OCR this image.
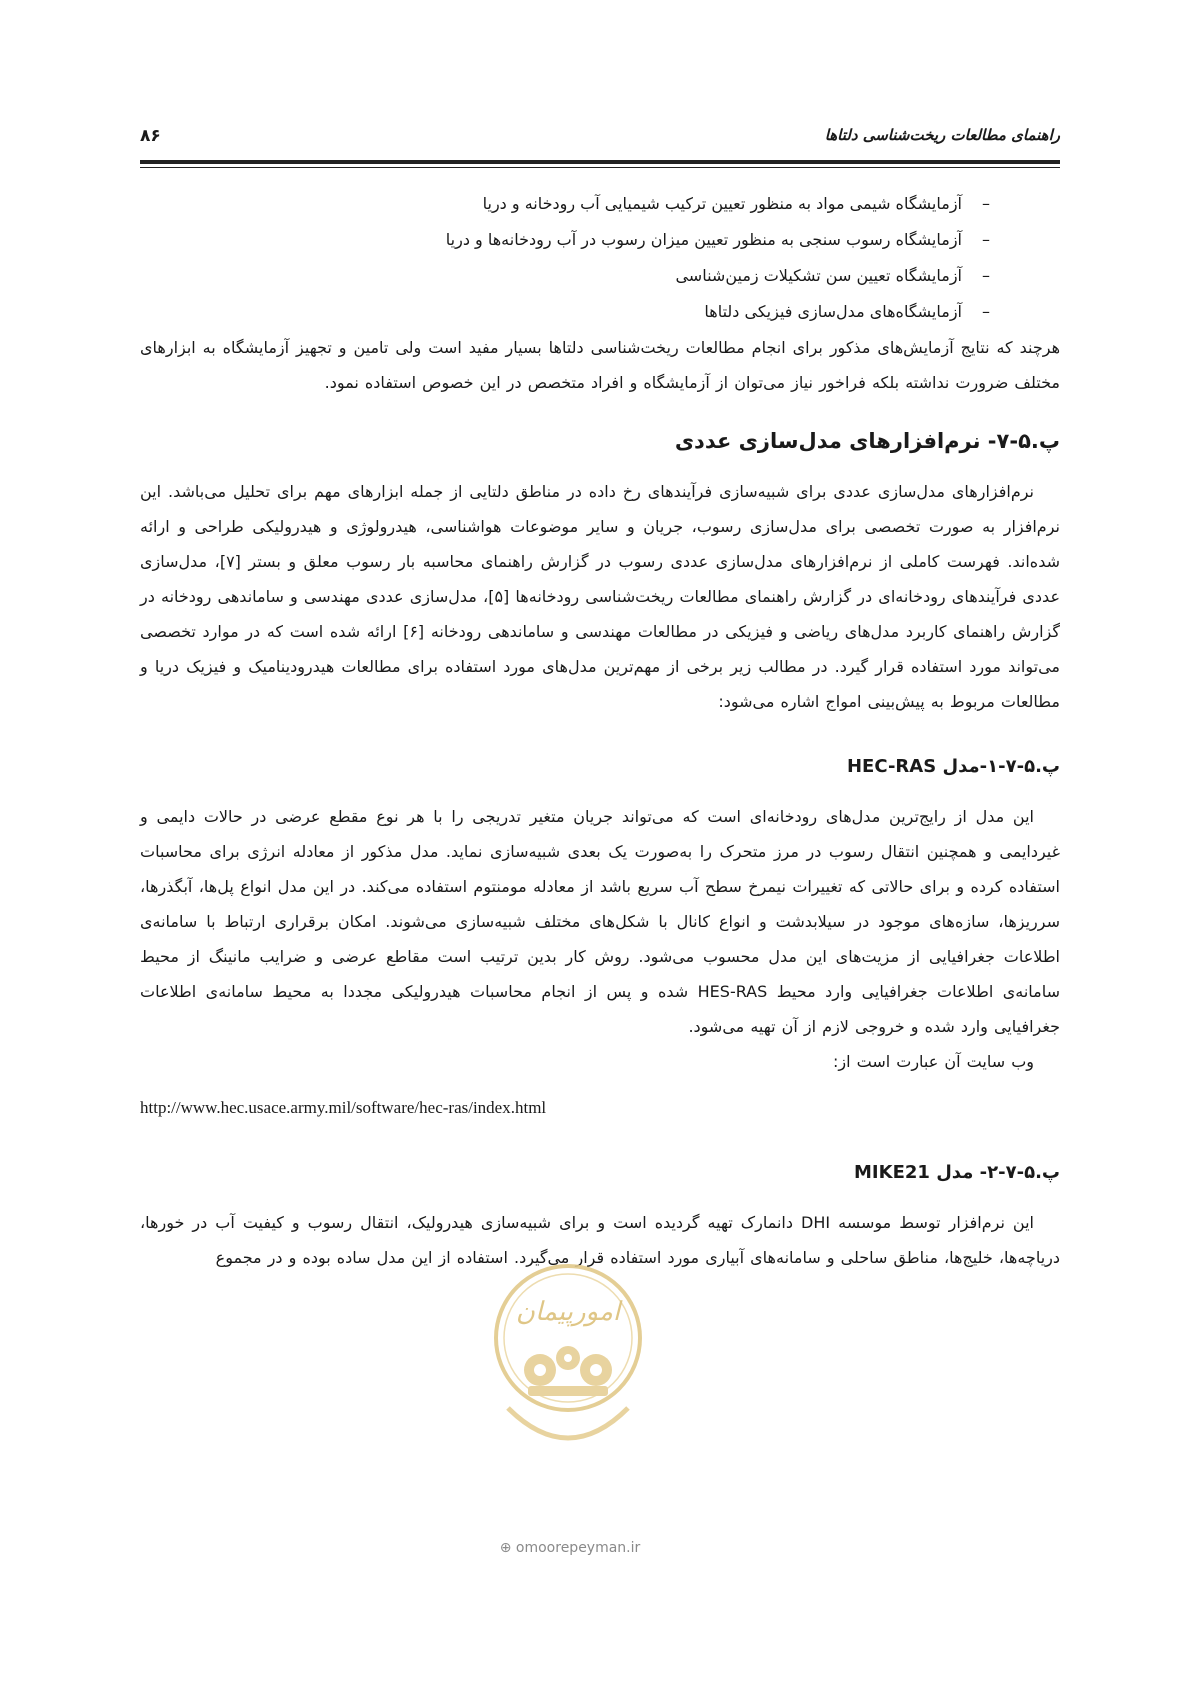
راهنمای مطالعات ریخت‌شناسی دلتاها
۸۶
–آزمایشگاه شیمی مواد به منظور تعیین ترکیب شیمیایی آب رودخانه و دریا
–آزمایشگاه رسوب سنجی به منظور تعیین میزان رسوب در آب رودخانه‌ها و دریا
–آزمایشگاه تعیین سن تشکیلات زمین‌شناسی
–آزمایشگاه‌های مدل‌سازی فیزیکی دلتاها

هرچند که نتایج آزمایش‌های مذکور برای انجام مطالعات ریخت‌شناسی دلتاها بسیار مفید است ولی تامین و تجهیز آزمایشگاه به ابزارهای مختلف ضرورت نداشته بلکه فراخور نیاز می‌توان از آزمایشگاه و افراد متخصص در این خصوص استفاده نمود.

پ.۵-۷- نرم‌افزارهای مدل‌سازی عددی

نرم‌افزارهای مدل‌سازی عددی برای شبیه‌سازی فرآیندهای رخ داده در مناطق دلتایی از جمله ابزارهای مهم برای تحلیل می‌باشد. این نرم‌افزار به صورت تخصصی برای مدل‌سازی رسوب، جریان و سایر موضوعات هواشناسی، هیدرولوژی و هیدرولیکی طراحی و ارائه شده‌اند. فهرست کاملی از نرم‌افزارهای مدل‌سازی عددی رسوب در گزارش راهنمای محاسبه بار رسوب معلق و بستر [۷]، مدل‌سازی عددی فرآیندهای رودخانه‌ای در گزارش راهنمای مطالعات ریخت‌شناسی رودخانه‌ها [۵]، مدل‌سازی عددی مهندسی و ساماندهی رودخانه در گزارش راهنمای کاربرد مدل‌های ریاضی و فیزیکی در مطالعات مهندسی و ساماندهی رودخانه [۶] ارائه شده است که در موارد تخصصی می‌تواند مورد استفاده قرار گیرد. در مطالب زیر برخی از مهم‌ترین مدل‌های مورد استفاده برای مطالعات هیدرودینامیک و فیزیک دریا و مطالعات مربوط به پیش‌بینی امواج اشاره می‌شود:

پ.۵-۷-۱-مدل HEC-RAS

این مدل از رایج‌ترین مدل‌های رودخانه‌ای است که می‌تواند جریان متغیر تدریجی را با هر نوع مقطع عرضی در حالات دایمی و غیردایمی و همچنین انتقال رسوب در مرز متحرک را به‌صورت یک بعدی شبیه‌سازی نماید. مدل مذکور از معادله انرژی برای محاسبات استفاده کرده و برای حالاتی که تغییرات نیمرخ سطح آب سریع باشد از معادله مومنتوم استفاده می‌کند. در این مدل انواع پل‌ها، آبگذرها، سرریزها، سازه‌های موجود در سیلابدشت و انواع کانال با شکل‌های مختلف شبیه‌سازی می‌شوند. امکان برقراری ارتباط با سامانه‌ی اطلاعات جغرافیایی از مزیت‌های این مدل محسوب می‌شود. روش کار بدین ترتیب است مقاطع عرضی و ضرایب مانینگ از محیط سامانه‌ی اطلاعات جغرافیایی وارد محیط HES-RAS شده و پس از انجام محاسبات هیدرولیکی مجددا به محیط سامانه‌ی اطلاعات جغرافیایی وارد شده و خروجی لازم از آن تهیه می‌شود.

وب سایت آن عبارت است از:

http://www.hec.usace.army.mil/software/hec-ras/index.html

پ.۵-۷-۲- مدل MIKE21

این نرم‌افزار توسط موسسه DHI دانمارک تهیه گردیده است و برای شبیه‌سازی هیدرولیک، انتقال رسوب و کیفیت آب در خورها، دریاچه‌ها، خلیج‌ها، مناطق ساحلی و سامانه‌های آبیاری مورد استفاده قرار می‌گیرد. استفاده از این مدل ساده بوده و در مجموع

امورپیمان
⊕ omoorepeyman.ir
